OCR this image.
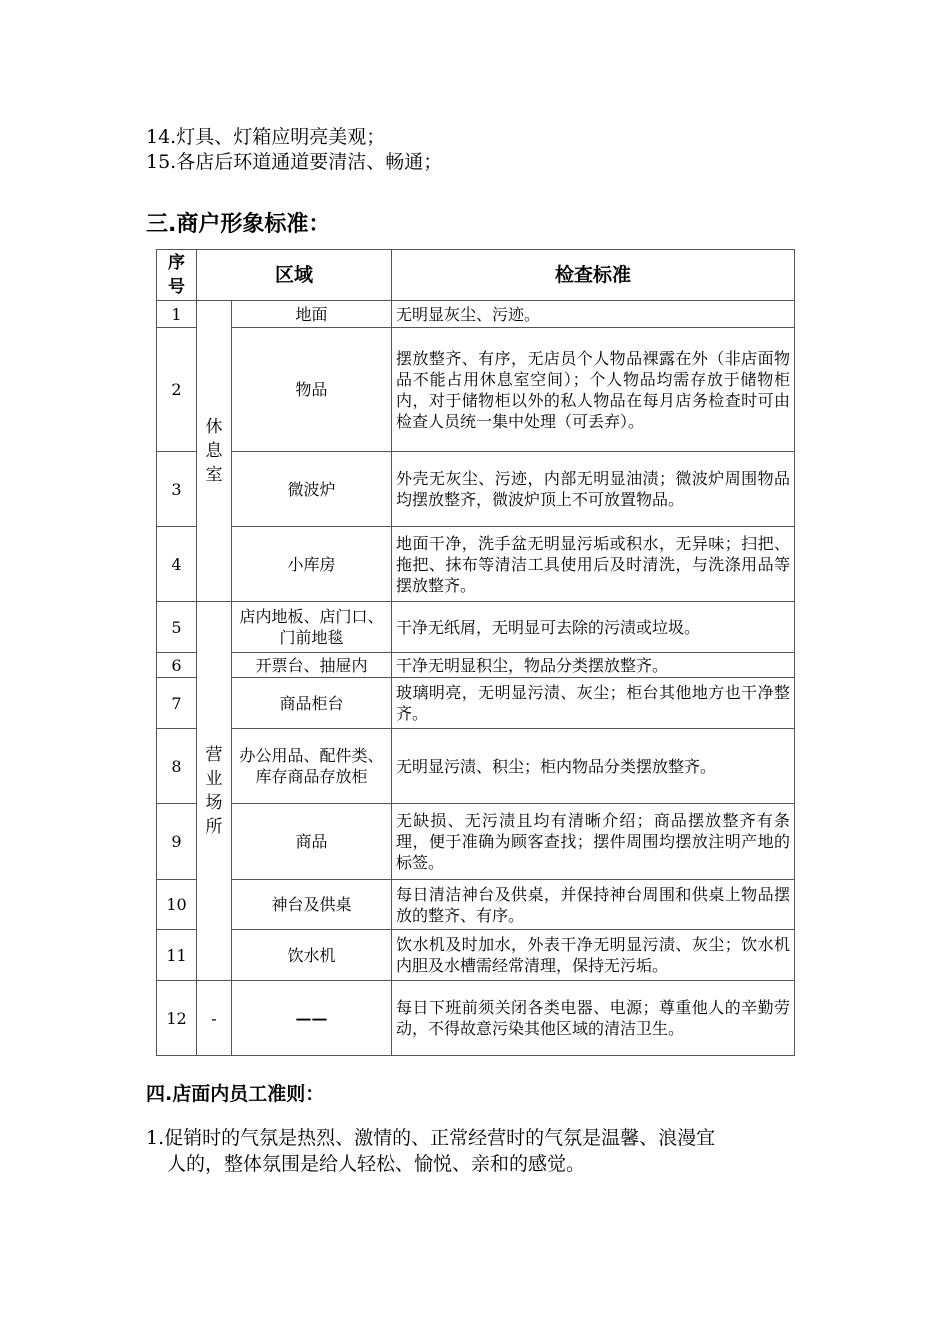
14.灯具、灯箱应明亮美观；
15.各店后环道通道要清洁、畅通；
三.商户形象标准：
序号	区域		检查标准
1	休息室	地面	无明显灰尘、污迹。
2		物品	摆放整齐、有序，无店员个人物品裸露在外（非店面物品不能占用休息室空间）；个人物品均需存放于储物柜内，对于储物柜以外的私人物品在每月店务检查时可由检查人员统一集中处理（可丢弃）。
3		微波炉	外壳无灰尘、污迹，内部无明显油渍；微波炉周围物品均摆放整齐，微波炉顶上不可放置物品。
4		小库房	地面干净，洗手盆无明显污垢或积水，无异味；扫把、拖把、抹布等清洁工具使用后及时清洗，与洗涤用品等摆放整齐。
5	营业场所	店内地板、店门口、门前地毯	干净无纸屑，无明显可去除的污渍或垃圾。
6		开票台、抽屉内	干净无明显积尘，物品分类摆放整齐。
7		商品柜台	玻璃明亮，无明显污渍、灰尘；柜台其他地方也干净整齐。
8		办公用品、配件类、库存商品存放柜	无明显污渍、积尘；柜内物品分类摆放整齐。
9		商品	无缺损、无污渍且均有清晰介绍；商品摆放整齐有条理，便于准确为顾客查找；摆件周围均摆放注明产地的标签。
10		神台及供桌	每日清洁神台及供桌，并保持神台周围和供桌上物品摆放的整齐、有序。
11		饮水机	饮水机及时加水，外表干净无明显污渍、灰尘；饮水机内胆及水槽需经常清理，保持无污垢。
12	-	——	每日下班前须关闭各类电器、电源；尊重他人的辛勤劳动，不得故意污染其他区域的清洁卫生。
四.店面内员工准则：
1.促销时的气氛是热烈、激情的、正常经营时的气氛是温馨、浪漫宜
人的，整体氛围是给人轻松、愉悦、亲和的感觉。
